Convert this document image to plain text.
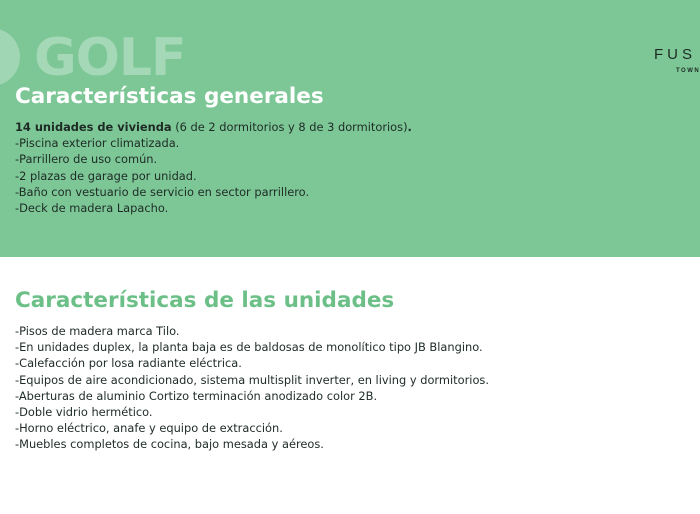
GOLF	FUS
TOWN
Características generales
14 unidades de vivienda (6 de 2 dormitorios y 8 de 3 dormitorios).
-Piscina exterior climatizada.
-Parrillero de uso común.
-2 plazas de garage por unidad.
-Baño con vestuario de servicio en sector parrillero.
-Deck de madera Lapacho.
Características de las unidades
-Pisos de madera marca Tilo.
-En unidades duplex, la planta baja es de baldosas de monolítico tipo JB Blangino.
-Calefacción por losa radiante eléctrica.
-Equipos de aire acondicionado, sistema multisplit inverter, en living y dormitorios.
-Aberturas de aluminio Cortizo terminación anodizado color 2B.
-Doble vidrio hermético.
-Horno eléctrico, anafe y equipo de extracción.
-Muebles completos de cocina, bajo mesada y aéreos.
